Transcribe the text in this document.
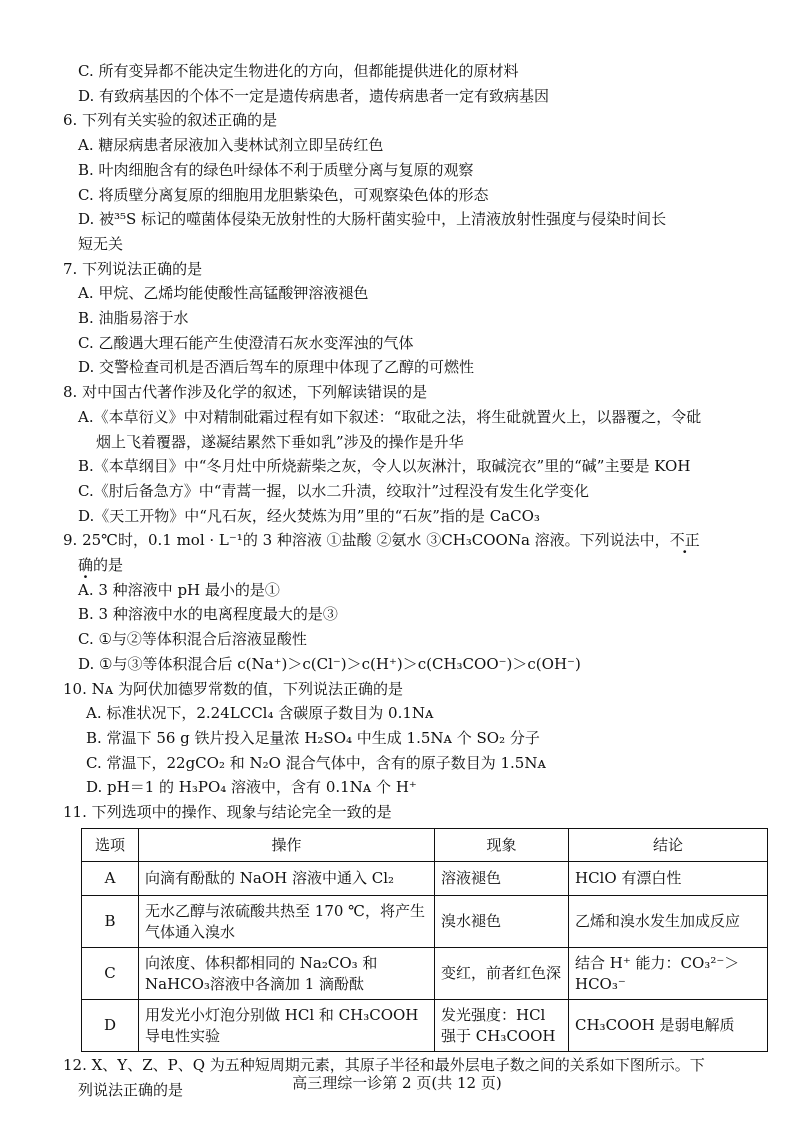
C. 所有变异都不能决定生物进化的方向，但都能提供进化的原材料
D. 有致病基因的个体不一定是遗传病患者，遗传病患者一定有致病基因
6. 下列有关实验的叙述正确的是
A. 糖尿病患者尿液加入斐林试剂立即呈砖红色
B. 叶肉细胞含有的绿色叶绿体不利于质壁分离与复原的观察
C. 将质壁分离复原的细胞用龙胆紫染色，可观察染色体的形态
D. 被³⁵S 标记的噬菌体侵染无放射性的大肠杆菌实验中，上清液放射性强度与侵染时间长
短无关
7. 下列说法正确的是
A. 甲烷、乙烯均能使酸性高锰酸钾溶液褪色
B. 油脂易溶于水
C. 乙酸遇大理石能产生使澄清石灰水变浑浊的气体
D. 交警检查司机是否酒后驾车的原理中体现了乙醇的可燃性
8. 对中国古代著作涉及化学的叙述，下列解读错误的是
A.《本草衍义》中对精制砒霜过程有如下叙述：“取砒之法，将生砒就置火上，以器覆之，令砒
烟上飞着覆器，遂凝结累然下垂如乳”涉及的操作是升华
B.《本草纲目》中“冬月灶中所烧薪柴之灰，令人以灰淋汁，取碱浣衣”里的“碱”主要是 KOH
C.《肘后备急方》中“青蒿一握，以水二升渍，绞取汁”过程没有发生化学变化
D.《天工开物》中“凡石灰，经火焚炼为用”里的“石灰”指的是 CaCO₃
9. 25℃时，0.1 mol · L⁻¹的 3 种溶液 ①盐酸 ②氨水 ③CH₃COONa 溶液。下列说法中，不正
确的是
A. 3 种溶液中 pH 最小的是①
B. 3 种溶液中水的电离程度最大的是③
C. ①与②等体积混合后溶液显酸性
D. ①与③等体积混合后 c(Na⁺)＞c(Cl⁻)＞c(H⁺)＞c(CH₃COO⁻)＞c(OH⁻)
10. Nᴀ 为阿伏加德罗常数的值，下列说法正确的是
A. 标准状况下，2.24LCCl₄ 含碳原子数目为 0.1Nᴀ
B. 常温下 56 g 铁片投入足量浓 H₂SO₄ 中生成 1.5Nᴀ 个 SO₂ 分子
C. 常温下，22gCO₂ 和 N₂O 混合气体中，含有的原子数目为 1.5Nᴀ
D. pH＝1 的 H₃PO₄ 溶液中，含有 0.1Nᴀ 个 H⁺
11. 下列选项中的操作、现象与结论完全一致的是
选项	操作	现象	结论
A	向滴有酚酞的 NaOH 溶液中通入 Cl₂	溶液褪色	HClO 有漂白性
B	无水乙醇与浓硫酸共热至 170 ℃，将产生气体通入溴水	溴水褪色	乙烯和溴水发生加成反应
C	向浓度、体积都相同的 Na₂CO₃ 和 NaHCO₃溶液中各滴加 1 滴酚酞	变红，前者红色深	结合 H⁺ 能力：CO₃²⁻＞ HCO₃⁻
D	用发光小灯泡分别做 HCl 和 CH₃COOH 导电性实验	发光强度：HCl 强于 CH₃COOH	CH₃COOH 是弱电解质
12. X、Y、Z、P、Q 为五种短周期元素，其原子半径和最外层电子数之间的关系如下图所示。下
列说法正确的是	高三理综一诊第 2 页(共 12 页)
